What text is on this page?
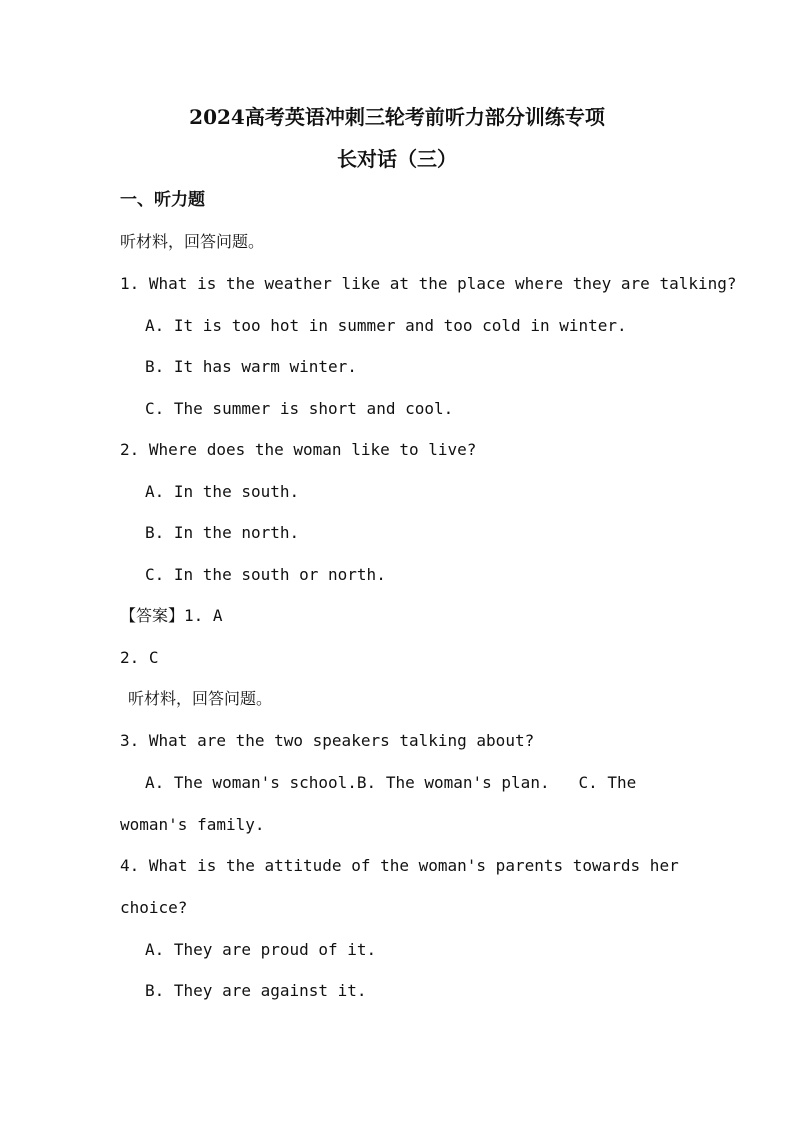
2024高考英语冲刺三轮考前听力部分训练专项
长对话（三）
一、听力题
听材料，回答问题。
1. What is the weather like at the place where they are talking?
A. It is too hot in summer and too cold in winter.
B. It has warm winter.
C. The summer is short and cool.
2. Where does the woman like to live?
A. In the south.
B. In the north.
C. In the south or north.
【答案】1. A
2. C
听材料，回答问题。
3. What are the two speakers talking about?
A. The woman's school.B. The woman's plan.   C. The
woman's family.
4. What is the attitude of the woman's parents towards her
choice?
A. They are proud of it.
B. They are against it.
